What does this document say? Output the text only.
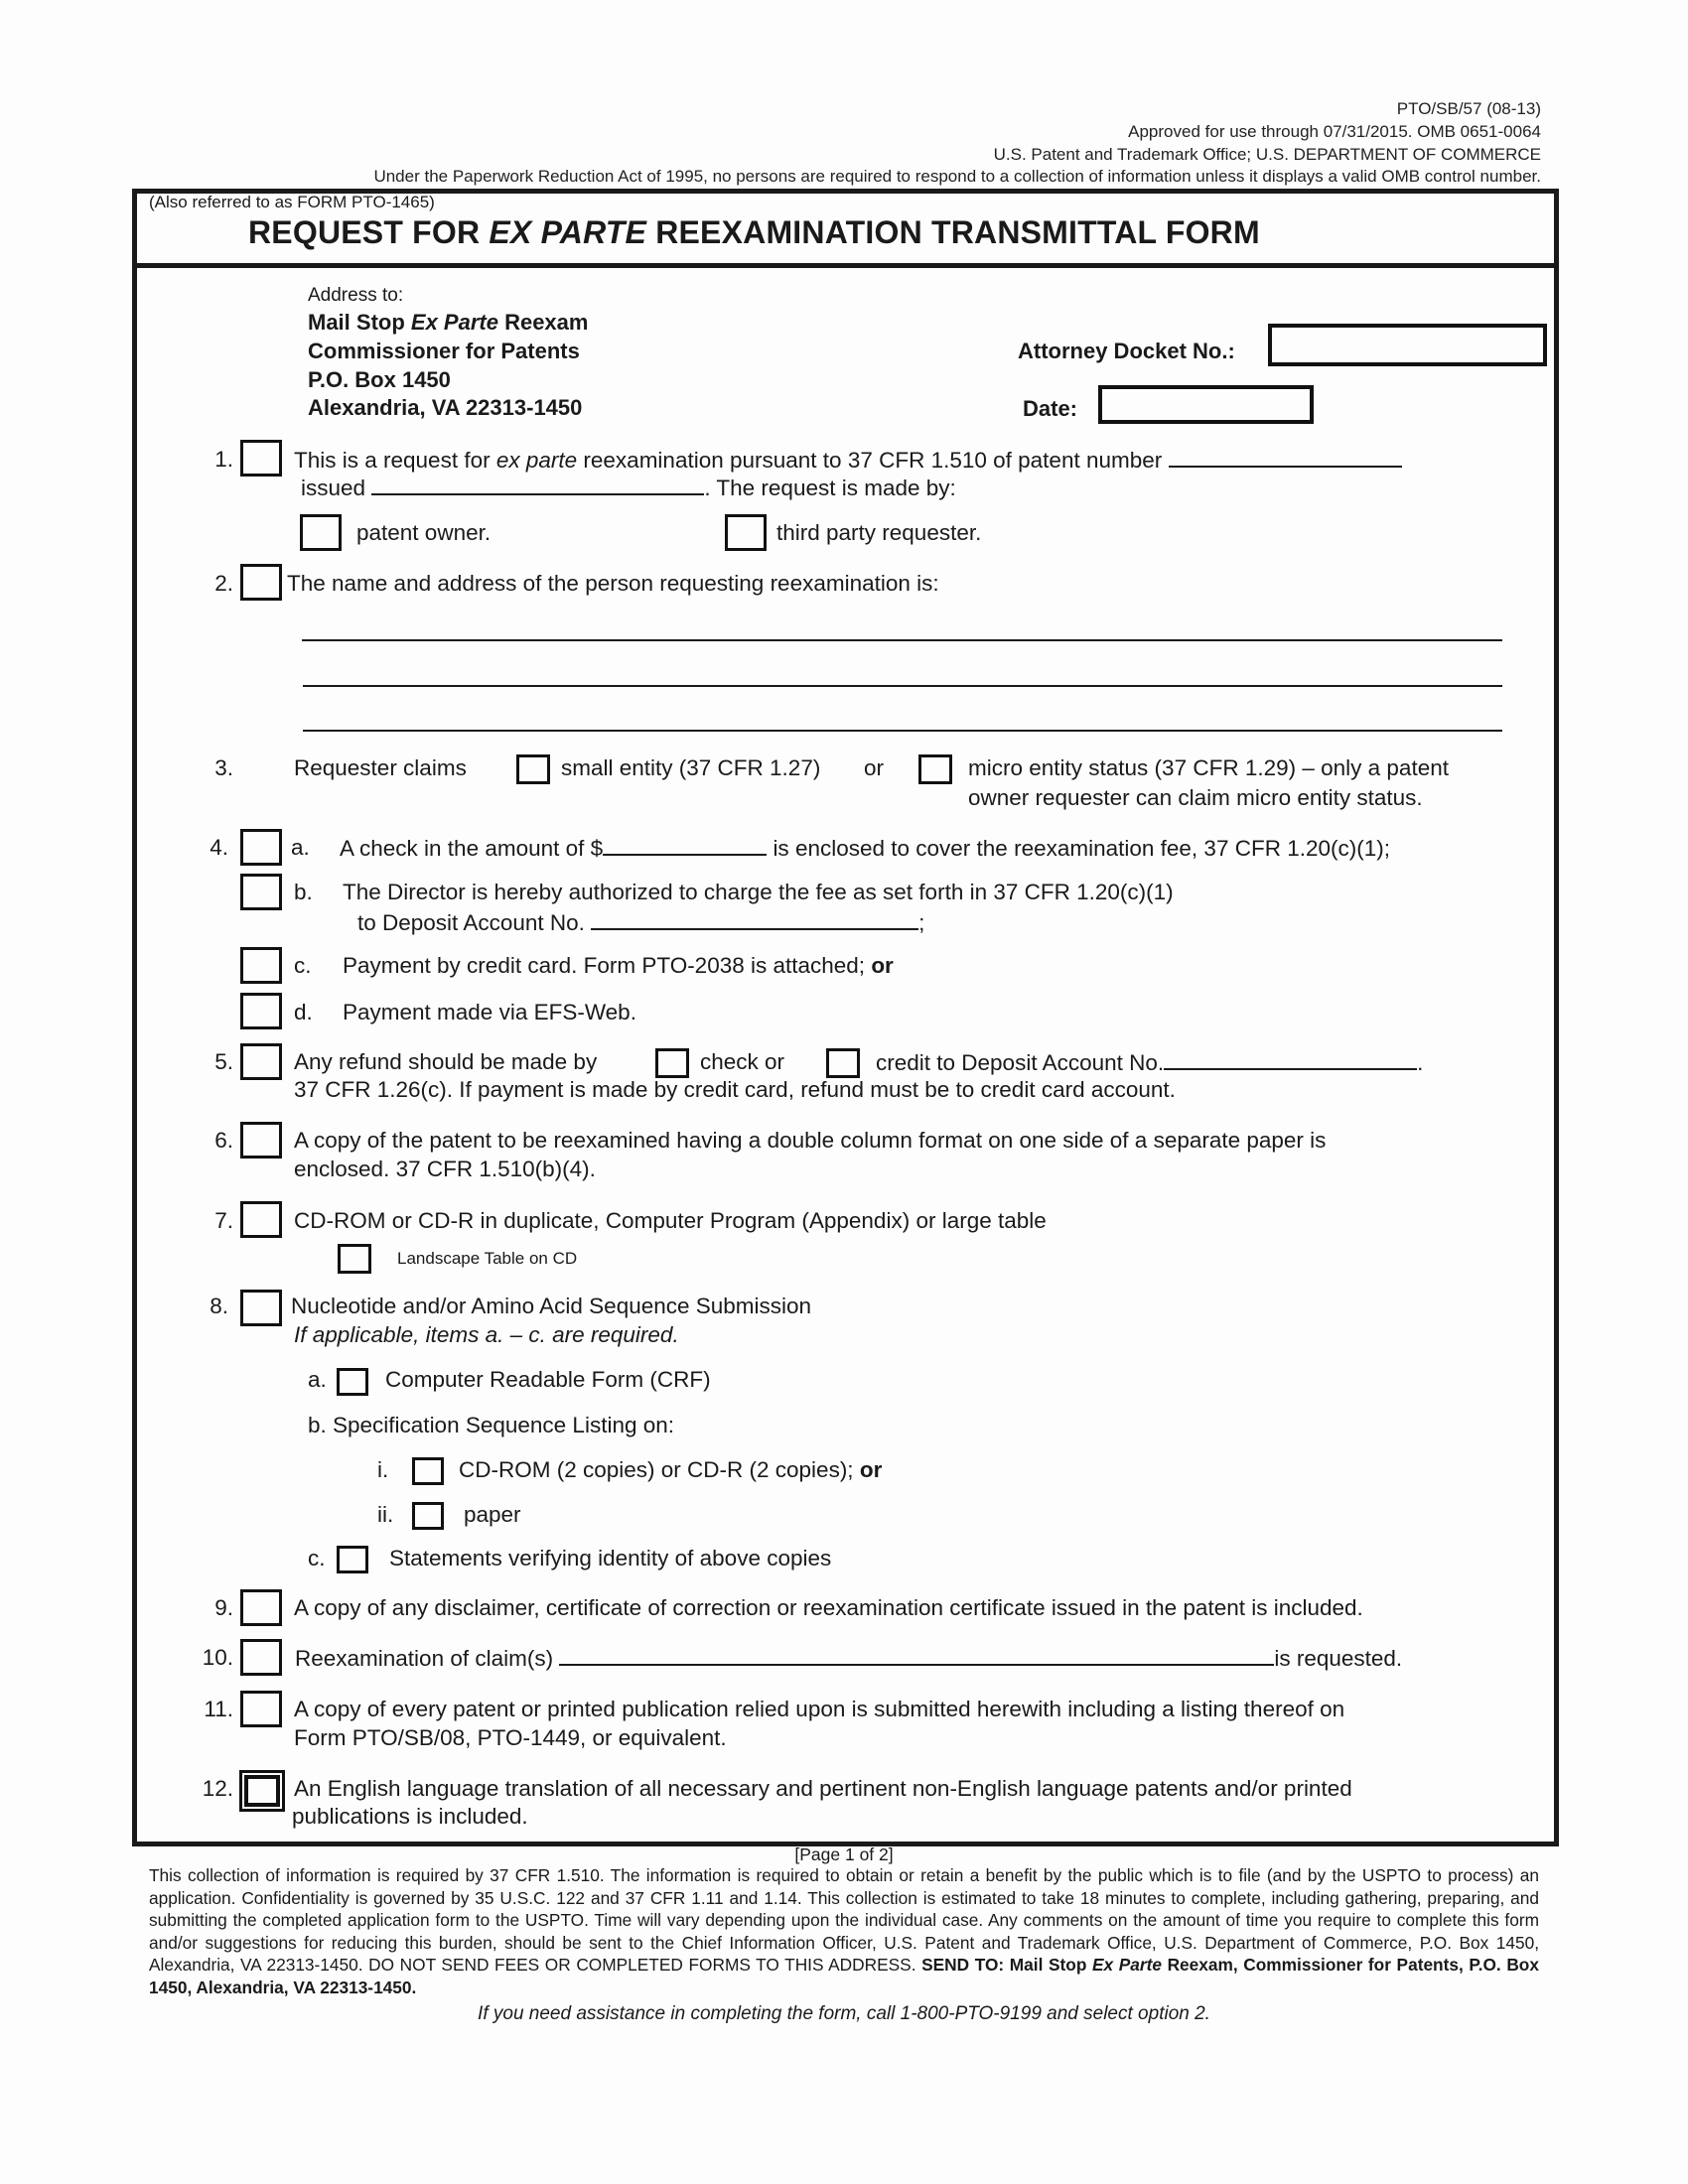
PTO/SB/57 (08-13)
Approved for use through 07/31/2015. OMB 0651-0064
U.S. Patent and Trademark Office; U.S. DEPARTMENT OF COMMERCE
Under the Paperwork Reduction Act of 1995, no persons are required to respond to a collection of information unless it displays a valid OMB control number.
(Also referred to as FORM PTO-1465)
REQUEST FOR EX PARTE REEXAMINATION TRANSMITTAL FORM
Address to:
Mail Stop Ex Parte Reexam
Commissioner for Patents
P.O. Box 1450
Alexandria, VA 22313-1450
Attorney Docket No.:
Date:
1.	This is a request for ex parte reexamination pursuant to 37 CFR 1.510 of patent number
issued	. The request is made by:
patent owner.	third party requester.
2. The name and address of the person requesting reexamination is:
3.	Requester claims	small entity (37 CFR 1.27) or	micro entity status (37 CFR 1.29) – only a patent
owner requester can claim micro entity status.
4.	a. A check in the amount of $	is enclosed to cover the reexamination fee, 37 CFR 1.20(c)(1);
b. The Director is hereby authorized to charge the fee as set forth in 37 CFR 1.20(c)(1)
to Deposit Account No.	;
c. Payment by credit card. Form PTO-2038 is attached; or
d. Payment made via EFS-Web.
5.	Any refund should be made by	check or	credit to Deposit Account No.	.
37 CFR 1.26(c). If payment is made by credit card, refund must be to credit card account.
6.	A copy of the patent to be reexamined having a double column format on one side of a separate paper is
enclosed. 37 CFR 1.510(b)(4).
7.	CD-ROM or CD-R in duplicate, Computer Program (Appendix) or large table
Landscape Table on CD
8.	Nucleotide and/or Amino Acid Sequence Submission
If applicable, items a. – c. are required.
a.	Computer Readable Form (CRF)
b. Specification Sequence Listing on:
i.	CD-ROM (2 copies) or CD-R (2 copies); or
ii.	paper
c.	Statements verifying identity of above copies
9.	A copy of any disclaimer, certificate of correction or reexamination certificate issued in the patent is included.
10.	Reexamination of claim(s)	is requested.
11.	A copy of every patent or printed publication relied upon is submitted herewith including a listing thereof on
Form PTO/SB/08, PTO-1449, or equivalent.
12.	An English language translation of all necessary and pertinent non-English language patents and/or printed
publications is included.
[Page 1 of 2]
This collection of information is required by 37 CFR 1.510. The information is required to obtain or retain a benefit by the public which is to file (and by the USPTO to process) an application. Confidentiality is governed by 35 U.S.C. 122 and 37 CFR 1.11 and 1.14. This collection is estimated to take 18 minutes to complete, including gathering, preparing, and submitting the completed application form to the USPTO. Time will vary depending upon the individual case. Any comments on the amount of time you require to complete this form and/or suggestions for reducing this burden, should be sent to the Chief Information Officer, U.S. Patent and Trademark Office, U.S. Department of Commerce, P.O. Box 1450, Alexandria, VA 22313-1450. DO NOT SEND FEES OR COMPLETED FORMS TO THIS ADDRESS. SEND TO: Mail Stop Ex Parte Reexam, Commissioner for Patents, P.O. Box 1450, Alexandria, VA 22313-1450.
If you need assistance in completing the form, call 1-800-PTO-9199 and select option 2.
